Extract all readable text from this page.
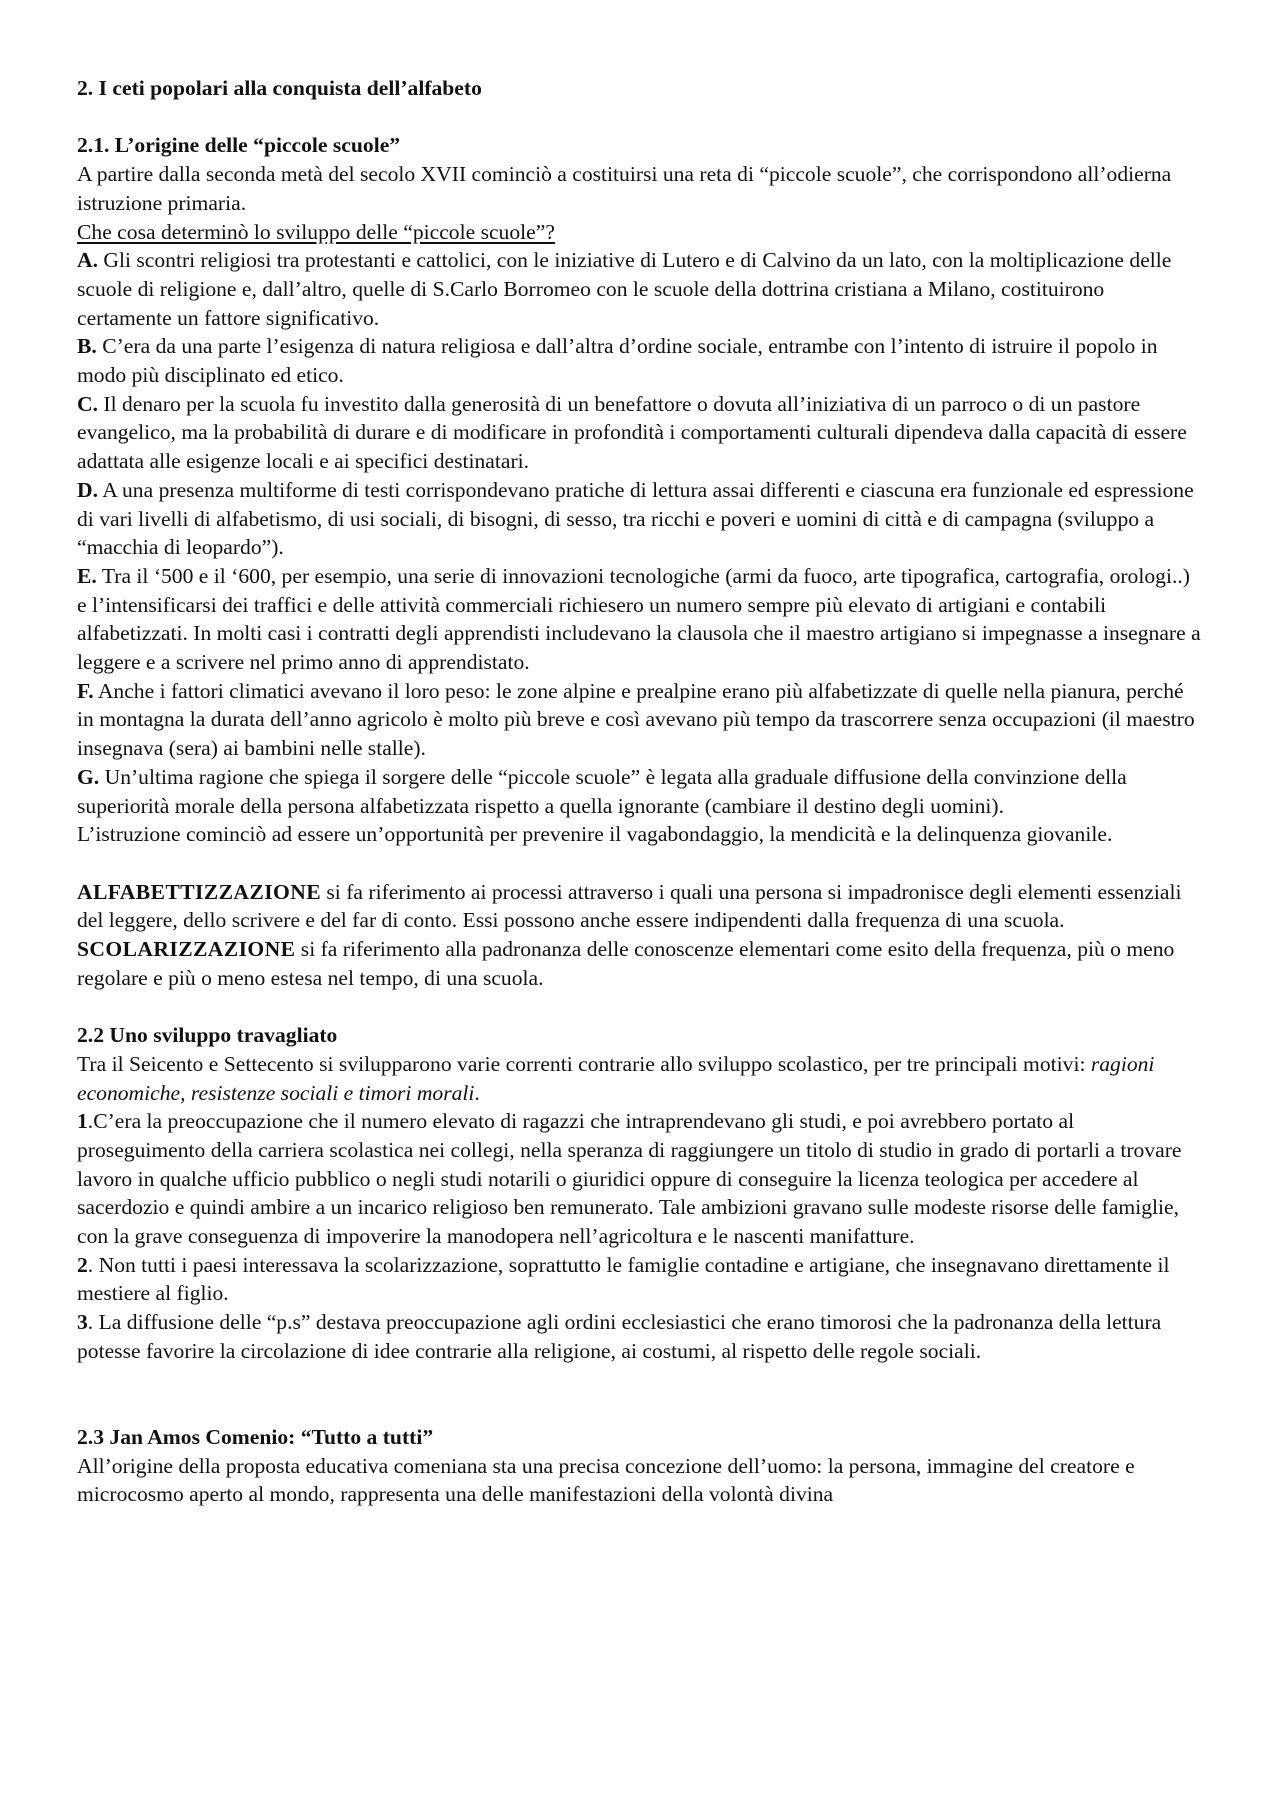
2. I ceti popolari alla conquista dell’alfabeto

2.1. L’origine delle “piccole scuole”

A partire dalla seconda metà del secolo XVII cominciò a costituirsi una reta di “piccole scuole”, che corrispondono all’odierna istruzione primaria.

Che cosa determinò lo sviluppo delle “piccole scuole”?

A. Gli scontri religiosi tra protestanti e cattolici, con le iniziative di Lutero e di Calvino da un lato, con la moltiplicazione delle scuole di religione e, dall’altro, quelle di S.Carlo Borromeo con le scuole della dottrina cristiana a Milano, costituirono certamente un fattore significativo.

B. C’era da una parte l’esigenza di natura religiosa e dall’altra d’ordine sociale, entrambe con l’intento di istruire il popolo in modo più disciplinato ed etico.

C. Il denaro per la scuola fu investito dalla generosità di un benefattore o dovuta all’iniziativa di un parroco o di un pastore evangelico, ma la probabilità di durare e di modificare in profondità i comportamenti culturali dipendeva dalla capacità di essere adattata alle esigenze locali e ai specifici destinatari.

D. A una presenza multiforme di testi corrispondevano pratiche di lettura assai differenti e ciascuna era funzionale ed espressione di vari livelli di alfabetismo, di usi sociali, di bisogni, di sesso, tra ricchi e poveri e uomini di città e di campagna (sviluppo a “macchia di leopardo”).

E. Tra il ‘500 e il ‘600, per esempio, una serie di innovazioni tecnologiche (armi da fuoco, arte tipografica, cartografia, orologi..) e l’intensificarsi dei traffici e delle attività commerciali richiesero un numero sempre più elevato di artigiani e contabili alfabetizzati. In molti casi i contratti degli apprendisti includevano la clausola che il maestro artigiano si impegnasse a insegnare a leggere e a scrivere nel primo anno di apprendistato.

F. Anche i fattori climatici avevano il loro peso: le zone alpine e prealpine erano più alfabetizzate di quelle nella pianura, perché in montagna la durata dell’anno agricolo è molto più breve e così avevano più tempo da trascorrere senza occupazioni (il maestro insegnava (sera) ai bambini nelle stalle).

G. Un’ultima ragione che spiega il sorgere delle “piccole scuole” è legata alla graduale diffusione della convinzione della superiorità morale della persona alfabetizzata rispetto a quella ignorante (cambiare il destino degli uomini).

L’istruzione cominciò ad essere un’opportunità per prevenire il vagabondaggio, la mendicità e la delinquenza giovanile.

ALFABETTIZZAZIONE si fa riferimento ai processi attraverso i quali una persona si impadronisce degli elementi essenziali del leggere, dello scrivere e del far di conto. Essi possono anche essere indipendenti dalla frequenza di una scuola.

SCOLARIZZAZIONE si fa riferimento alla padronanza delle conoscenze elementari come esito della frequenza, più o meno regolare e più o meno estesa nel tempo, di una scuola.

2.2 Uno sviluppo travagliato

Tra il Seicento e Settecento si svilupparono varie correnti contrarie allo sviluppo scolastico, per tre principali motivi: ragioni economiche, resistenze sociali e timori morali.

1.C’era la preoccupazione che il numero elevato di ragazzi che intraprendevano gli studi, e poi avrebbero portato al proseguimento della carriera scolastica nei collegi, nella speranza di raggiungere un titolo di studio in grado di portarli a trovare lavoro in qualche ufficio pubblico o negli studi notarili o giuridici oppure di conseguire la licenza teologica per accedere al sacerdozio e quindi ambire a un incarico religioso ben remunerato. Tale ambizioni gravano sulle modeste risorse delle famiglie, con la grave conseguenza di impoverire la manodopera nell’agricoltura e le nascenti manifatture.

2. Non tutti i paesi interessava la scolarizzazione, soprattutto le famiglie contadine e artigiane, che insegnavano direttamente il mestiere al figlio.

3. La diffusione delle “p.s” destava preoccupazione agli ordini ecclesiastici che erano timorosi che la padronanza della lettura potesse favorire la circolazione di idee contrarie alla religione, ai costumi, al rispetto delle regole sociali.

2.3 Jan Amos Comenio: “Tutto a tutti”

All’origine della proposta educativa comeniana sta una precisa concezione dell’uomo: la persona, immagine del creatore e microcosmo aperto al mondo, rappresenta una delle manifestazioni della volontà divina
